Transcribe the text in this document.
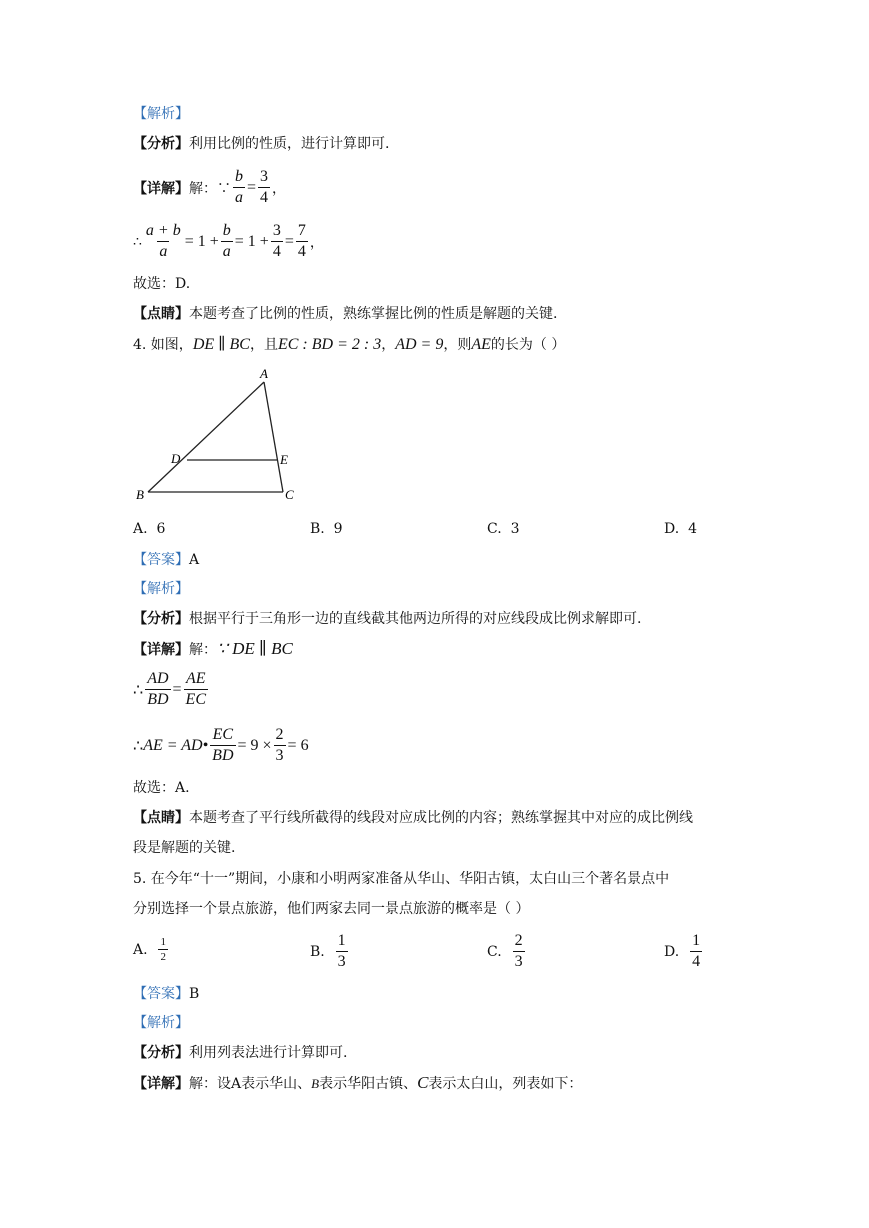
【解析】
【分析】利用比例的性质，进行计算即可.
【详解】 解：∵ $\frac{b}{a} = \frac{3}{4}$ ，
∴ $\frac{a + b}{a} = 1 + \frac{b}{a} = 1 + \frac{3}{4} = \frac{7}{4}$ ，
故选：D.
【点睛】本题考查了比例的性质，熟练掌握比例的性质是解题的关键.
4. 如图，DE ∥ BC，且EC : BD = 2 : 3，AD = 9，则AE的长为（ ）
A
B	C
D	E
A. 6	B. 9	C. 3	D. 4
【答案】A
【解析】
【分析】根据平行于三角形一边的直线截其他两边所得的对应线段成比例求解即可.
【详解】解：∵ DE ∥ BC
∴ $\frac{AD}{BD} = \frac{AE}{EC}$
∴ AE = AD• $\frac{EC}{BD} = 9 \times \frac{2}{3} = 6$
故选：A.
【点睛】本题考查了平行线所截得的线段对应成比例的内容；熟练掌握其中对应的成比例线
段是解题的关键.
5. 在今年“十一”期间，小康和小明两家准备从华山、华阳古镇，太白山三个著名景点中
分别选择一个景点旅游，他们两家去同一景点旅游的概率是（ ）
A.
$\frac{1}{2}$	B.
$\frac{1}{3}$	C.
$\frac{2}{3}$	D.
$\frac{1}{4}$
【答案】B
【解析】
【分析】利用列表法进行计算即可.
【详解】解：设A表示华山、B表示华阳古镇、C表示太白山，列表如下：
